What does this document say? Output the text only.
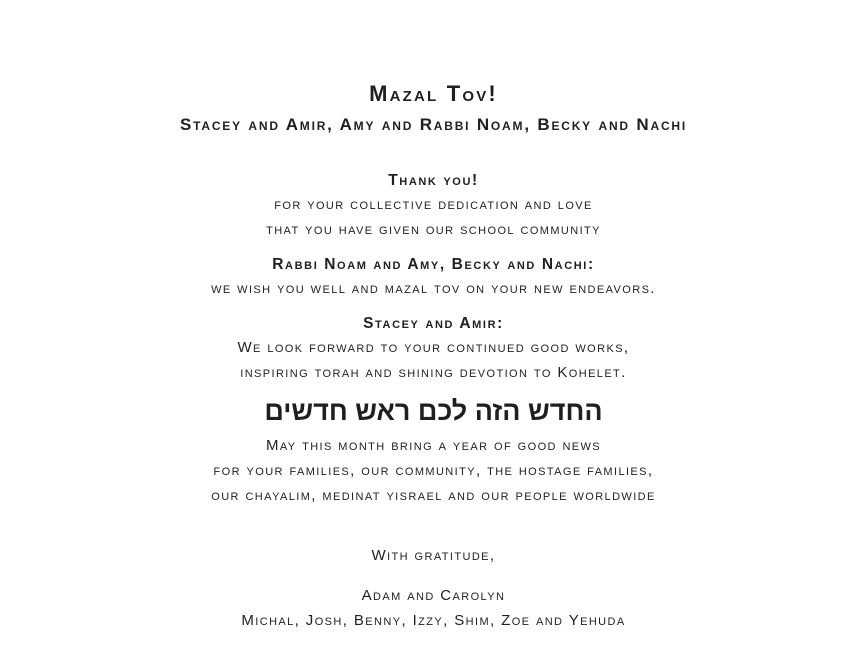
Mazal Tov!
Stacey and Amir, Amy and Rabbi Noam, Becky and Nachi
Thank you!
for your collective dedication and love
that you have given our school community
Rabbi Noam and Amy, Becky and Nachi:
we wish you well and mazal tov on your new endeavors.
Stacey and Amir:
We look forward to your continued good works,
inspiring torah and shining devotion to Kohelet.
החדש הזה לכם ראש חדשים
May this month bring a year of good news
for your families, our community, the hostage families,
our chayalim, medinat yisrael and our people worldwide
With gratitude,
Adam and Carolyn
Michal, Josh, Benny, Izzy, Shim, Zoe and Yehuda
